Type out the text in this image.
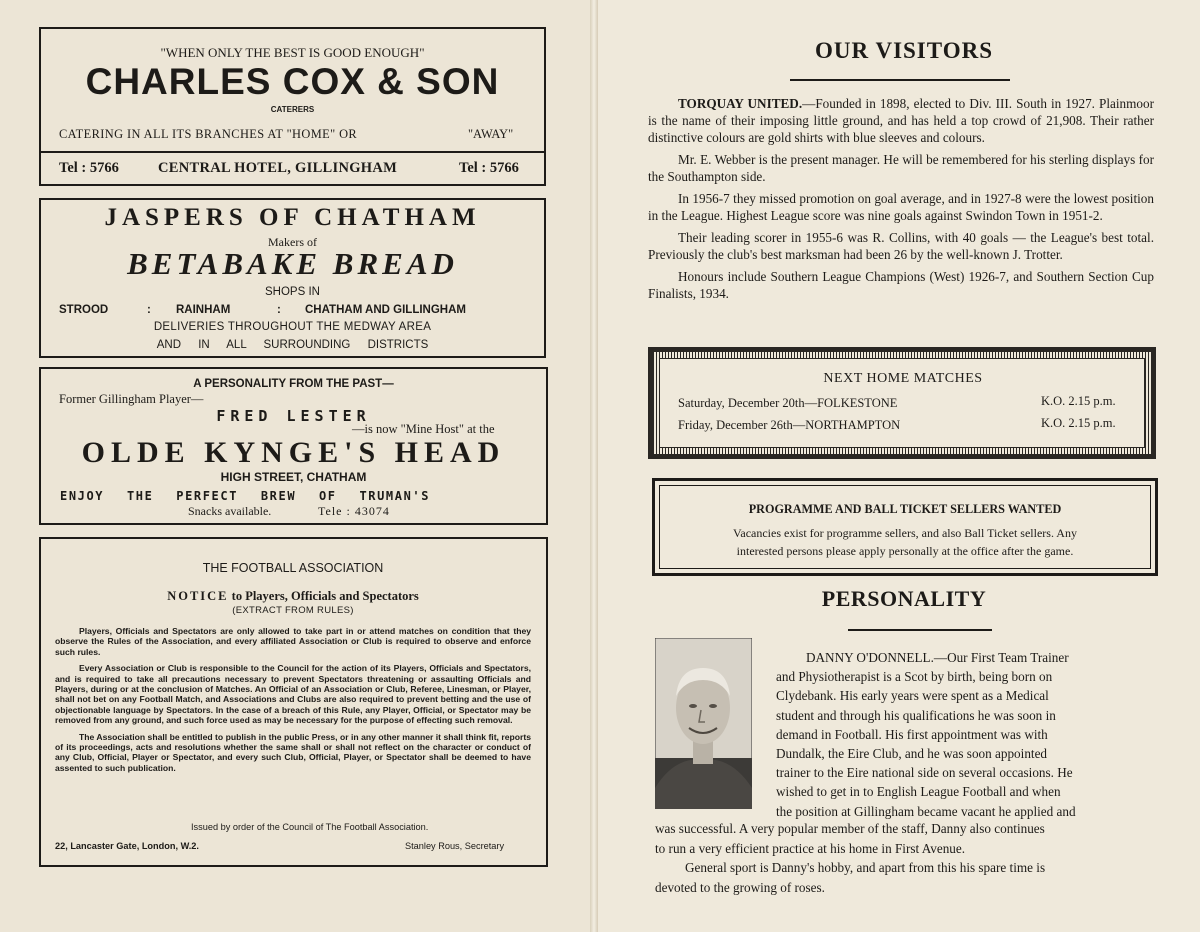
"WHEN ONLY THE BEST IS GOOD ENOUGH"
CHARLES COX & SON
CATERERS
CATERING IN ALL ITS BRANCHES AT "HOME" OR	"AWAY"
Tel : 5766	CENTRAL HOTEL, GILLINGHAM	Tel : 5766
JASPERS OF CHATHAM
Makers of
BETABAKE BREAD
SHOPS IN
STROOD	: RAINHAM	: CHATHAM AND GILLINGHAM
DELIVERIES THROUGHOUT THE MEDWAY AREA
AND IN ALL SURROUNDING DISTRICTS
A PERSONALITY FROM THE PAST—
Former Gillingham Player—
FRED LESTER
—is now "Mine Host" at the
OLDE KYNGE'S HEAD
HIGH STREET, CHATHAM
ENJOY THE PERFECT BREW OF TRUMAN'S
Snacks available.	Tele : 43074
THE FOOTBALL ASSOCIATION
NOTICE to Players, Officials and Spectators
(EXTRACT FROM RULES)

Players, Officials and Spectators are only allowed to take part in or attend matches on condition that they observe the Rules of the Association, and every affiliated Association or Club is required to observe and enforce such rules.

Every Association or Club is responsible to the Council for the action of its Players, Officials and Spectators, and is required to take all precautions necessary to prevent Spectators threatening or assaulting Officials and Players, during or at the conclusion of Matches. An Official of an Association or Club, Referee, Linesman, or Player, shall not bet on any Football Match, and Associations and Clubs are also required to prevent betting and the use of objectionable language by Spectators. In the case of a breach of this Rule, any Player, Official, or Spectator may be removed from any ground, and such force used as may be necessary for the purpose of effecting such removal.

The Association shall be entitled to publish in the public Press, or in any other manner it shall think fit, reports of its proceedings, acts and resolutions whether the same shall or shall not reflect on the character or conduct of any Club, Official, Player or Spectator, and every such Club, Official, Player, or Spectator shall be deemed to have assented to such publication.

Issued by order of the Council of The Football Association.
22, Lancaster Gate, London, W.2.	Stanley Rous, Secretary
OUR VISITORS

TORQUAY UNITED.—Founded in 1898, elected to Div. III. South in 1927. Plainmoor is the name of their imposing little ground, and has held a top crowd of 21,908. Their rather distinctive colours are gold shirts with blue sleeves and colours.

Mr. E. Webber is the present manager. He will be remembered for his sterling displays for the Southampton side.

In 1956-7 they missed promotion on goal average, and in 1927-8 were the lowest position in the League. Highest League score was nine goals against Swindon Town in 1951-2.

Their leading scorer in 1955-6 was R. Collins, with 40 goals — the League's best total. Previously the club's best marksman had been 26 by the well-known J. Trotter.

Honours include Southern League Champions (West) 1926-7, and Southern Section Cup Finalists, 1934.

NEXT HOME MATCHES
Saturday, December 20th—FOLKESTONE	K.O. 2.15 p.m.
Friday, December 26th—NORTHAMPTON	K.O. 2.15 p.m.
PROGRAMME AND BALL TICKET SELLERS WANTED
Vacancies exist for programme sellers, and also Ball Ticket sellers. Any
interested persons please apply personally at the office after the game.
PERSONALITY

DANNY O'DONNELL.—Our First Team Trainer

and Physiotherapist is a Scot by birth, being born on

Clydebank. His early years were spent as a Medical

student and through his qualifications he was soon in

demand in Football. His first appointment was with

Dundalk, the Eire Club, and he was soon appointed

trainer to the Eire national side on several occasions. He

wished to get in to English League Football and when

the position at Gillingham became vacant he applied and

was successful. A very popular member of the staff, Danny also continues

to run a very efficient practice at his home in First Avenue.

General sport is Danny's hobby, and apart from this his spare time is

devoted to the growing of roses.
